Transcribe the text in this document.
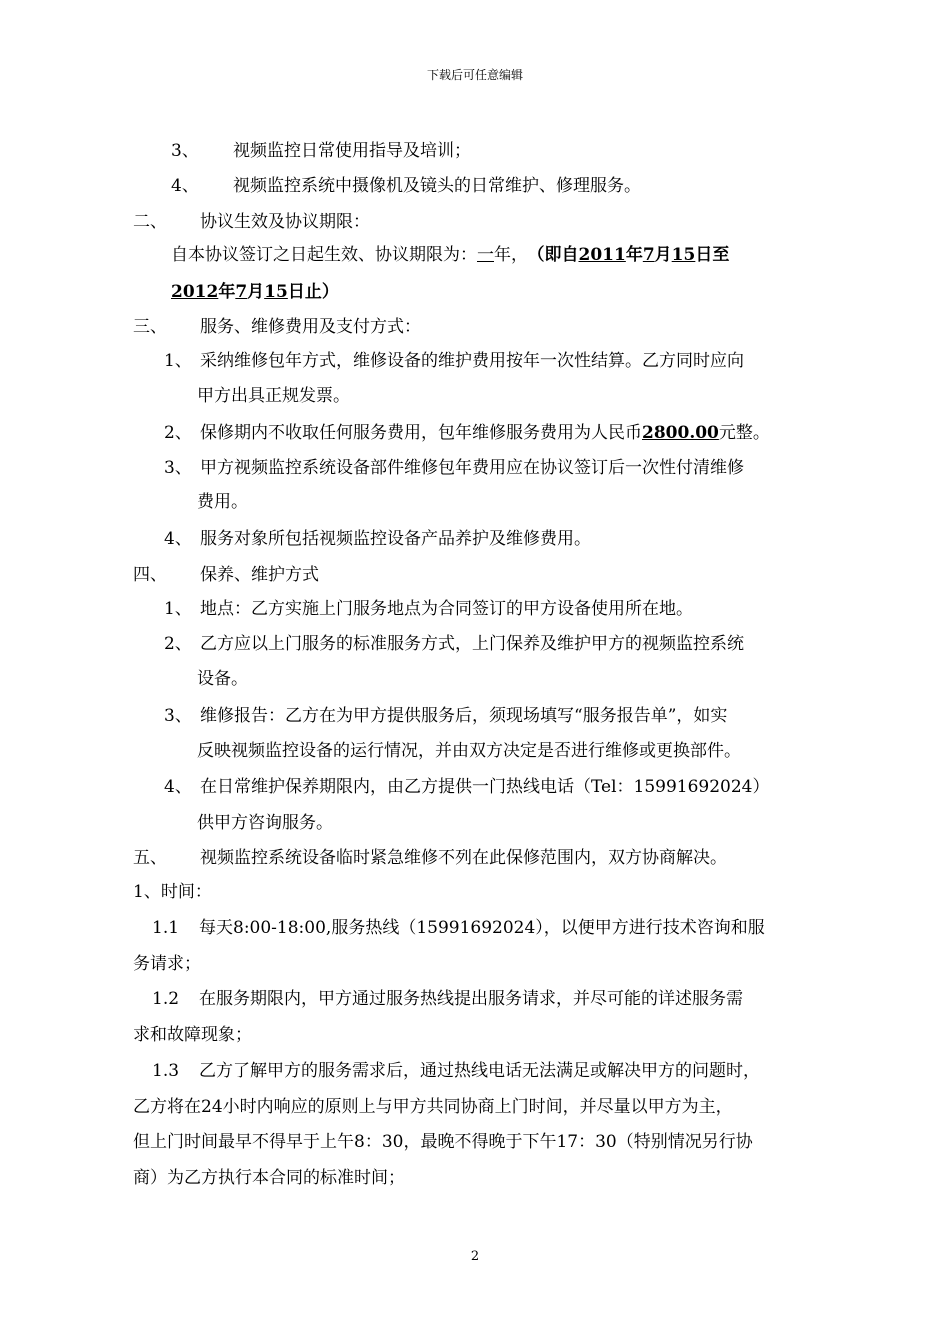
下载后可任意编辑
3、 视频监控日常使用指导及培训；
4、 视频监控系统中摄像机及镜头的日常维护、修理服务。
二、 协议生效及协议期限：
自本协议签订之日起生效、协议期限为：一年， （即自2011年7月15日至
2012年7月15日止）
三、 服务、维修费用及支付方式：
1、 采纳维修包年方式，维修设备的维护费用按年一次性结算。乙方同时应向
甲方出具正规发票。
2、 保修期内不收取任何服务费用，包年维修服务费用为人民币2800.00元整。
3、 甲方视频监控系统设备部件维修包年费用应在协议签订后一次性付清维修
费用。
4、 服务对象所包括视频监控设备产品养护及维修费用。
四、 保养、维护方式
1、 地点：乙方实施上门服务地点为合同签订的甲方设备使用所在地。
2、 乙方应以上门服务的标准服务方式，上门保养及维护甲方的视频监控系统
设备。
3、 维修报告：乙方在为甲方提供服务后，须现场填写“服务报告单”，如实
反映视频监控设备的运行情况，并由双方决定是否进行维修或更换部件。
4、 在日常维护保养期限内，由乙方提供一门热线电话（Tel：15991692024）
供甲方咨询服务。
五、 视频监控系统设备临时紧急维修不列在此保修范围内，双方协商解决。
1、时间：
1.1 每天8:00-18:00,服务热线（15991692024），以便甲方进行技术咨询和服
务请求；
1.2 在服务期限内，甲方通过服务热线提出服务请求，并尽可能的详述服务需
求和故障现象；
1.3 乙方了解甲方的服务需求后，通过热线电话无法满足或解决甲方的问题时，
乙方将在24小时内响应的原则上与甲方共同协商上门时间，并尽量以甲方为主，
但上门时间最早不得早于上午8：30，最晚不得晚于下午17：30（特别情况另行协
商）为乙方执行本合同的标准时间；
2
